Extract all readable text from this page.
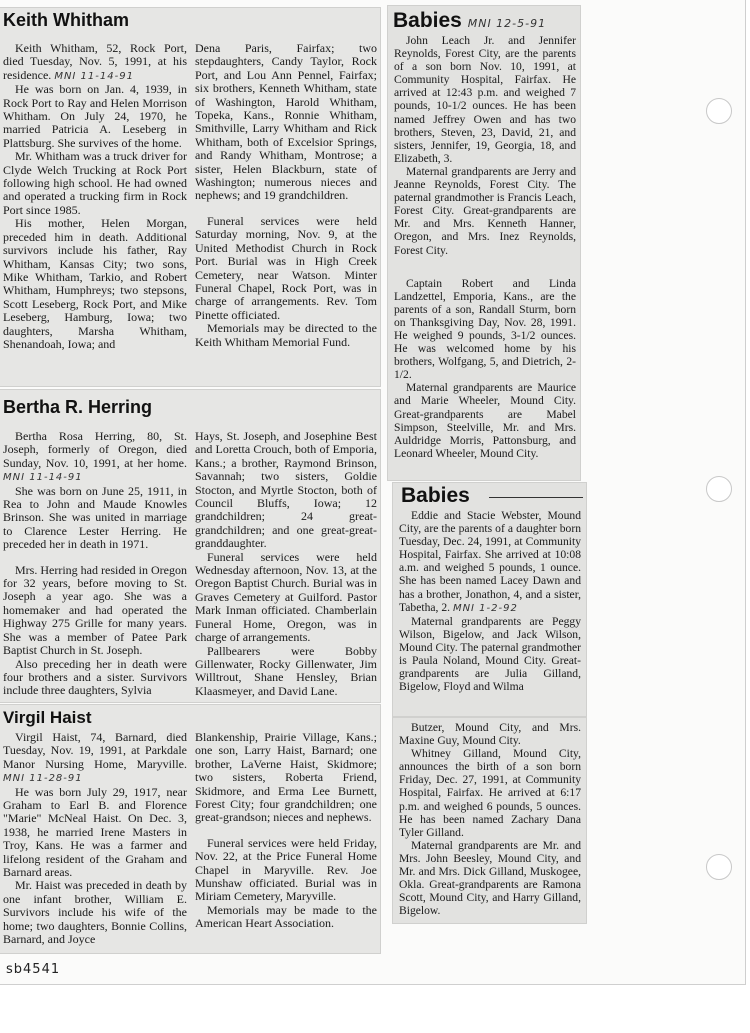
Keith Whitham

Keith Whitham, 52, Rock Port, died Tuesday, Nov. 5, 1991, at his residence. MNI 11-14-91

He was born on Jan. 4, 1939, in Rock Port to Ray and Helen Morrison Whitham. On July 24, 1970, he married Patricia A. Leseberg in Plattsburg. She survives of the home.

Mr. Whitham was a truck driver for Clyde Welch Trucking at Rock Port following high school. He had owned and operated a trucking firm in Rock Port since 1985.

His mother, Helen Morgan, preceded him in death. Additional survivors include his father, Ray Whitham, Kansas City; two sons, Mike Whitham, Tarkio, and Robert Whitham, Humphreys; two stepsons, Scott Leseberg, Rock Port, and Mike Leseberg, Hamburg, Iowa; two daughters, Marsha Whitham, Shenandoah, Iowa; and

Dena Paris, Fairfax; two stepdaughters, Candy Taylor, Rock Port, and Lou Ann Pennel, Fairfax; six brothers, Kenneth Whitham, state of Washington, Harold Whitham, Topeka, Kans., Ronnie Whitham, Smithville, Larry Whitham and Rick Whitham, both of Excelsior Springs, and Randy Whitham, Montrose; a sister, Helen Blackburn, state of Washington; numerous nieces and nephews; and 19 grandchildren.

Funeral services were held Saturday morning, Nov. 9, at the United Methodist Church in Rock Port. Burial was in High Creek Cemetery, near Watson. Minter Funeral Chapel, Rock Port, was in charge of arrangements. Rev. Tom Pinette officiated.

Memorials may be directed to the Keith Whitham Memorial Fund.

Bertha R. Herring

Bertha Rosa Herring, 80, St. Joseph, formerly of Oregon, died Sunday, Nov. 10, 1991, at her home. MNI 11-14-91

She was born on June 25, 1911, in Rea to John and Maude Knowles Brinson. She was united in marriage to Clarence Lester Herring. He preceded her in death in 1971.

Mrs. Herring had resided in Oregon for 32 years, before moving to St. Joseph a year ago. She was a homemaker and had operated the Highway 275 Grille for many years. She was a member of Patee Park Baptist Church in St. Joseph.

Also preceding her in death were four brothers and a sister. Survivors include three daughters, Sylvia

Hays, St. Joseph, and Josephine Best and Loretta Crouch, both of Emporia, Kans.; a brother, Raymond Brinson, Savannah; two sisters, Goldie Stocton, and Myrtle Stocton, both of Council Bluffs, Iowa; 12 grandchildren; 24 great-grandchildren; and one great-great-granddaughter.

Funeral services were held Wednesday afternoon, Nov. 13, at the Oregon Baptist Church. Burial was in Graves Cemetery at Guilford. Pastor Mark Inman officiated. Chamberlain Funeral Home, Oregon, was in charge of arrangements.

Pallbearers were Bobby Gillenwater, Rocky Gillenwater, Jim Willtrout, Shane Hensley, Brian Klaasmeyer, and David Lane.

Virgil Haist

Virgil Haist, 74, Barnard, died Tuesday, Nov. 19, 1991, at Parkdale Manor Nursing Home, Maryville. MNI 11-28-91

He was born July 29, 1917, near Graham to Earl B. and Florence "Marie" McNeal Haist. On Dec. 3, 1938, he married Irene Masters in Troy, Kans. He was a farmer and lifelong resident of the Graham and Barnard areas.

Mr. Haist was preceded in death by one infant brother, William E. Survivors include his wife of the home; two daughters, Bonnie Collins, Barnard, and Joyce

Blankenship, Prairie Village, Kans.; one son, Larry Haist, Barnard; one brother, LaVerne Haist, Skidmore; two sisters, Roberta Friend, Skidmore, and Erma Lee Burnett, Forest City; four grandchildren; one great-grandson; nieces and nephews.

Funeral services were held Friday, Nov. 22, at the Price Funeral Home Chapel in Maryville. Rev. Joe Munshaw officiated. Burial was in Miriam Cemetery, Maryville.

Memorials may be made to the American Heart Association.

Babies MNI 12-5-91

John Leach Jr. and Jennifer Reynolds, Forest City, are the parents of a son born Nov. 10, 1991, at Community Hospital, Fairfax. He arrived at 12:43 p.m. and weighed 7 pounds, 10-1/2 ounces. He has been named Jeffrey Owen and has two brothers, Steven, 23, David, 21, and sisters, Jennifer, 19, Georgia, 18, and Elizabeth, 3.

Maternal grandparents are Jerry and Jeanne Reynolds, Forest City. The paternal grandmother is Francis Leach, Forest City. Great-grandparents are Mr. and Mrs. Kenneth Hanner, Oregon, and Mrs. Inez Reynolds, Forest City.

Captain Robert and Linda Landzettel, Emporia, Kans., are the parents of a son, Randall Sturm, born on Thanksgiving Day, Nov. 28, 1991. He weighed 9 pounds, 3-1/2 ounces. He was welcomed home by his brothers, Wolfgang, 5, and Dietrich, 2-1/2.

Maternal grandparents are Maurice and Marie Wheeler, Mound City. Great-grandparents are Mabel Simpson, Steelville, Mr. and Mrs. Auldridge Morris, Pattonsburg, and Leonard Wheeler, Mound City.

Babies

Eddie and Stacie Webster, Mound City, are the parents of a daughter born Tuesday, Dec. 24, 1991, at Community Hospital, Fairfax. She arrived at 10:08 a.m. and weighed 5 pounds, 1 ounce. She has been named Lacey Dawn and has a brother, Jonathon, 4, and a sister, Tabetha, 2. MNI 1-2-92

Maternal grandparents are Peggy Wilson, Bigelow, and Jack Wilson, Mound City. The paternal grandmother is Paula Noland, Mound City. Great-grandparents are Julia Gilland, Bigelow, Floyd and Wilma

Butzer, Mound City, and Mrs. Maxine Guy, Mound City.

Whitney Gilland, Mound City, announces the birth of a son born Friday, Dec. 27, 1991, at Community Hospital, Fairfax. He arrived at 6:17 p.m. and weighed 6 pounds, 5 ounces. He has been named Zachary Dana Tyler Gilland.

Maternal grandparents are Mr. and Mrs. John Beesley, Mound City, and Mr. and Mrs. Dick Gilland, Muskogee, Okla. Great-grandparents are Ramona Scott, Mound City, and Harry Gilland, Bigelow.

sb4541
